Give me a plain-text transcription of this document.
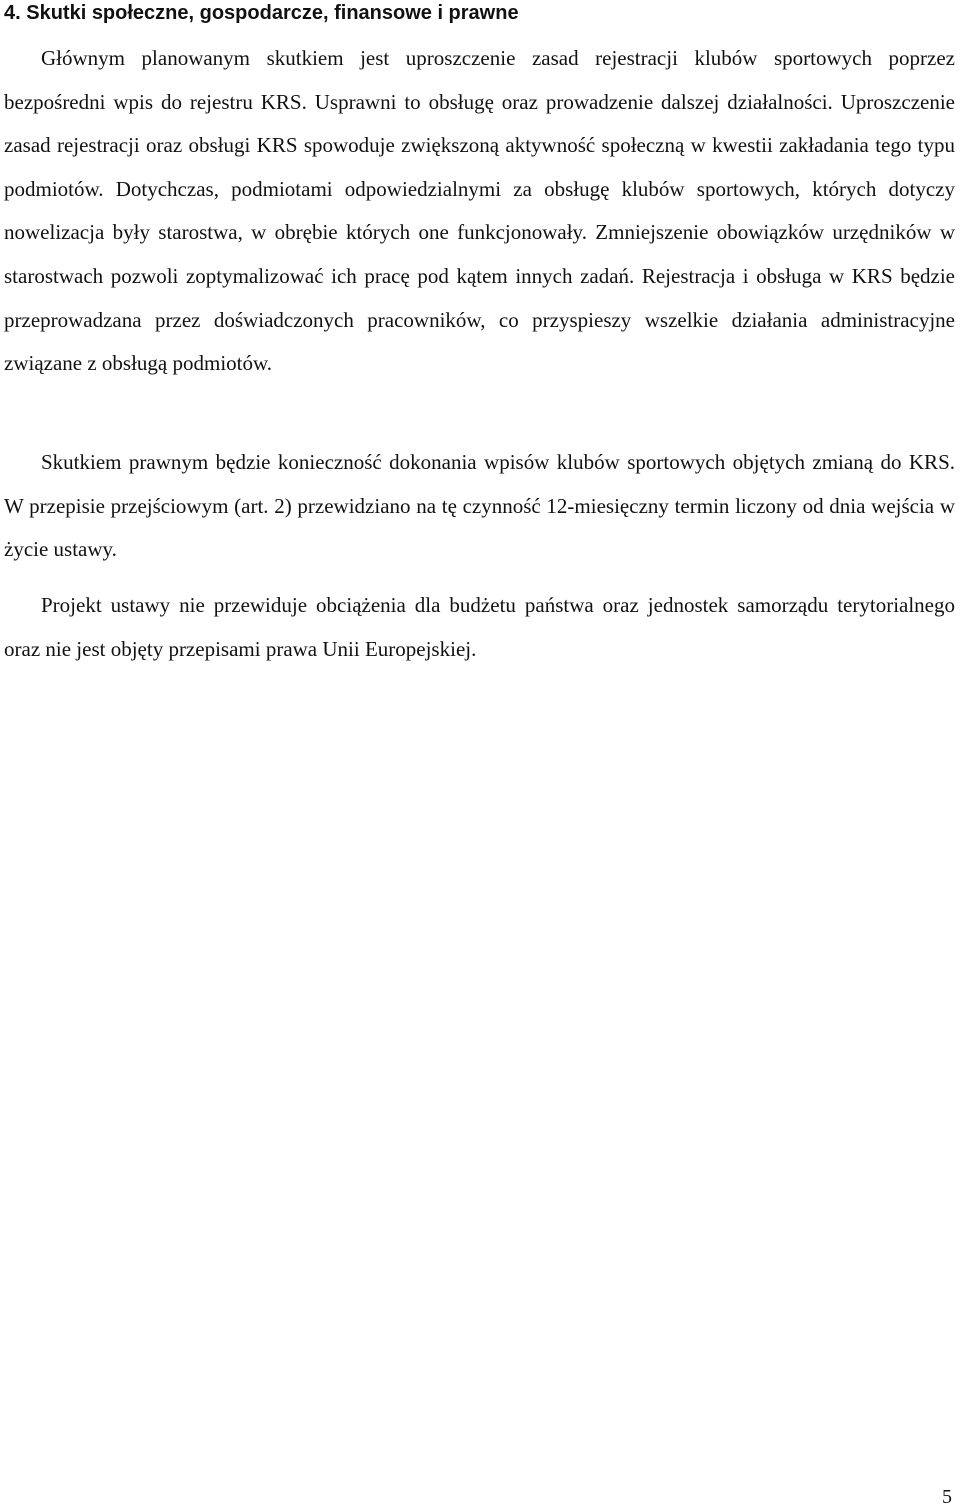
4. Skutki społeczne, gospodarcze, finansowe i prawne

Głównym planowanym skutkiem jest uproszczenie zasad rejestracji klubów sportowych poprzez bezpośredni wpis do rejestru KRS. Usprawni to obsługę oraz prowadzenie dalszej działalności. Uproszczenie zasad rejestracji oraz obsługi KRS spowoduje zwiększoną aktywność społeczną w kwestii zakładania tego typu podmiotów. Dotychczas, podmiotami odpowiedzialnymi za obsługę klubów sportowych, których dotyczy nowelizacja były starostwa, w obrębie których one funkcjonowały. Zmniejszenie obowiązków urzędników w starostwach pozwoli zoptymalizować ich pracę pod kątem innych zadań. Rejestracja i obsługa w KRS będzie przeprowadzana przez doświadczonych pracowników, co przyspieszy wszelkie działania administracyjne związane z obsługą podmiotów.

Skutkiem prawnym będzie konieczność dokonania wpisów klubów sportowych objętych zmianą do KRS. W przepisie przejściowym (art. 2) przewidziano na tę czynność 12-miesięczny termin liczony od dnia wejścia w życie ustawy.

Projekt ustawy nie przewiduje obciążenia dla budżetu państwa oraz jednostek samorządu terytorialnego oraz nie jest objęty przepisami prawa Unii Europejskiej.

5
